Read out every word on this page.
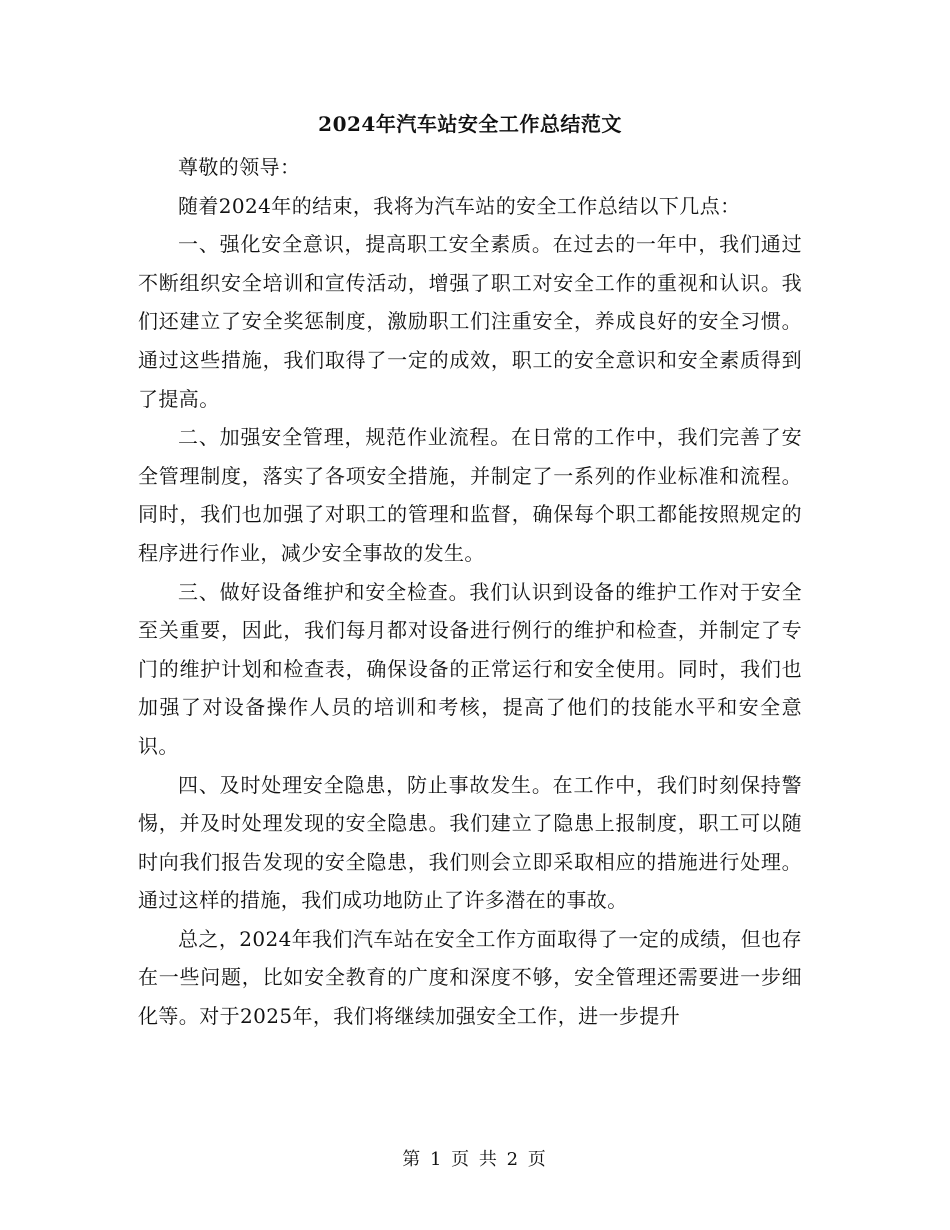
2024年汽车站安全工作总结范文

尊敬的领导：

随着2024年的结束，我将为汽车站的安全工作总结以下几点：

一、强化安全意识，提高职工安全素质。在过去的一年中，我们通过不断组织安全培训和宣传活动，增强了职工对安全工作的重视和认识。我们还建立了安全奖惩制度，激励职工们注重安全，养成良好的安全习惯。通过这些措施，我们取得了一定的成效，职工的安全意识和安全素质得到了提高。

二、加强安全管理，规范作业流程。在日常的工作中，我们完善了安全管理制度，落实了各项安全措施，并制定了一系列的作业标准和流程。同时，我们也加强了对职工的管理和监督，确保每个职工都能按照规定的程序进行作业，减少安全事故的发生。

三、做好设备维护和安全检查。我们认识到设备的维护工作对于安全至关重要，因此，我们每月都对设备进行例行的维护和检查，并制定了专门的维护计划和检查表，确保设备的正常运行和安全使用。同时，我们也加强了对设备操作人员的培训和考核，提高了他们的技能水平和安全意识。

四、及时处理安全隐患，防止事故发生。在工作中，我们时刻保持警惕，并及时处理发现的安全隐患。我们建立了隐患上报制度，职工可以随时向我们报告发现的安全隐患，我们则会立即采取相应的措施进行处理。通过这样的措施，我们成功地防止了许多潜在的事故。

总之，2024年我们汽车站在安全工作方面取得了一定的成绩，但也存在一些问题，比如安全教育的广度和深度不够，安全管理还需要进一步细化等。对于2025年，我们将继续加强安全工作，进一步提升

第 1 页 共 2 页
